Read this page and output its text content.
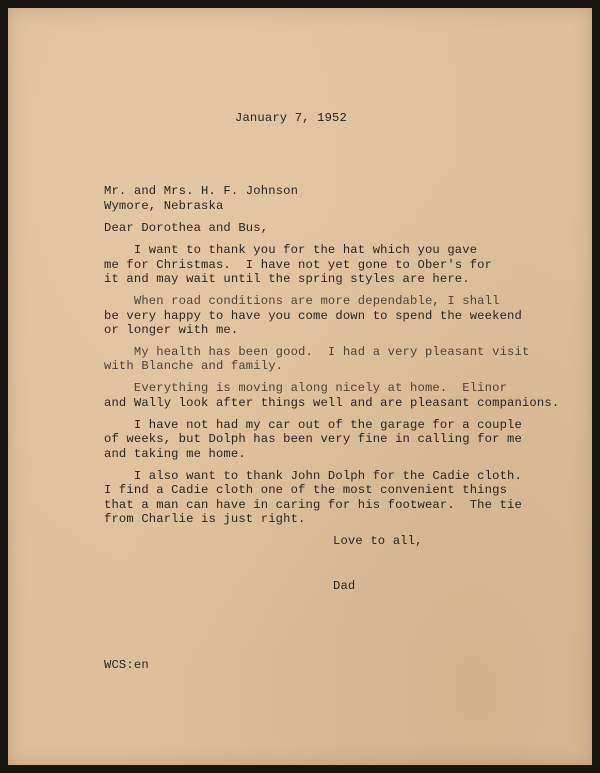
January 7, 1952
Mr. and Mrs. H. F. Johnson
Wymore, Nebraska
Dear Dorothea and Bus,
I want to thank you for the hat which you gave
me for Christmas.  I have not yet gone to Ober's for
it and may wait until the spring styles are here.
When road conditions are more dependable, I shall
be very happy to have you come down to spend the weekend
or longer with me.
My health has been good.  I had a very pleasant visit
with Blanche and family.
Everything is moving along nicely at home.  Elinor
and Wally look after things well and are pleasant companions.
I have not had my car out of the garage for a couple
of weeks, but Dolph has been very fine in calling for me
and taking me home.
I also want to thank John Dolph for the Cadie cloth.
I find a Cadie cloth one of the most convenient things
that a man can have in caring for his footwear.  The tie
from Charlie is just right.
Love to all,
Dad
WCS:en
